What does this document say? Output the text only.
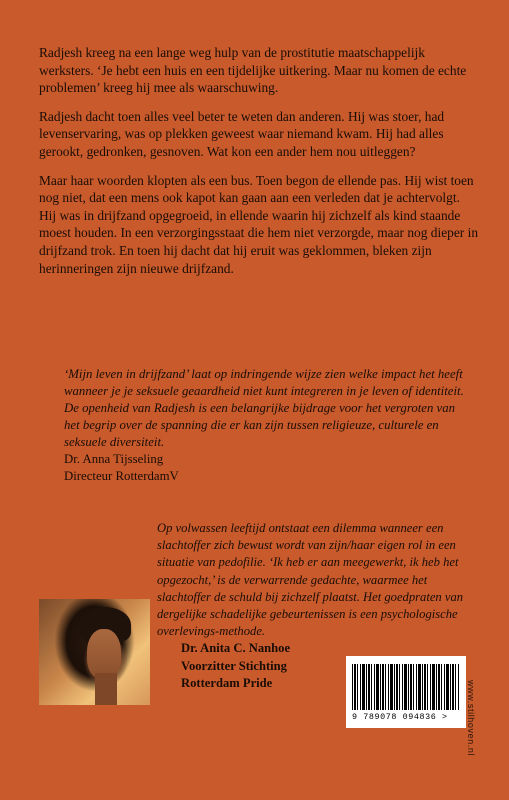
Radjesh kreeg na een lange weg hulp van de prostitutie maatschappelijk werksters. ‘Je hebt een huis en een tijdelijke uitkering. Maar nu komen de echte problemen’ kreeg hij mee als waarschuwing.

Radjesh dacht toen alles veel beter te weten dan anderen. Hij was stoer, had levenservaring, was op plekken geweest waar niemand kwam. Hij had alles gerookt, gedronken, gesnoven. Wat kon een ander hem nou uitleggen?

Maar haar woorden klopten als een bus. Toen begon de ellende pas. Hij wist toen nog niet, dat een mens ook kapot kan gaan aan een verleden dat je achtervolgt. Hij was in drijfzand opgegroeid, in ellende waarin hij zichzelf als kind staande moest houden. In een verzorgingsstaat die hem niet verzorgde, maar nog dieper in drijfzand trok. En toen hij dacht dat hij eruit was geklommen, bleken zijn herinneringen zijn nieuwe drijfzand.

‘Mijn leven in drijfzand’ laat op indringende wijze zien welke impact het heeft wanneer je je seksuele geaardheid niet kunt integreren in je leven of identiteit. De openheid van Radjesh is een belangrijke bijdrage voor het vergroten van het begrip over de spanning die er kan zijn tussen religieuze, culturele en seksuele diversiteit.

Dr. Anna Tijsseling

Directeur RotterdamV

Op volwassen leeftijd ontstaat een dilemma wanneer een slachtoffer zich bewust wordt van zijn/haar eigen rol in een situatie van pedofilie. ‘Ik heb er aan meegewerkt, ik heb het opgezocht,’ is de verwarrende gedachte, waarmee het slachtoffer de schuld bij zichzelf plaatst. Het goedpraten van dergelijke schadelijke gebeurtenissen is een psychologische overlevings-methode.

Dr. Anita C. Nanhoe

Voorzitter Stichting

Rotterdam Pride

9 789078 094836 >	www.stilhoven.nl
